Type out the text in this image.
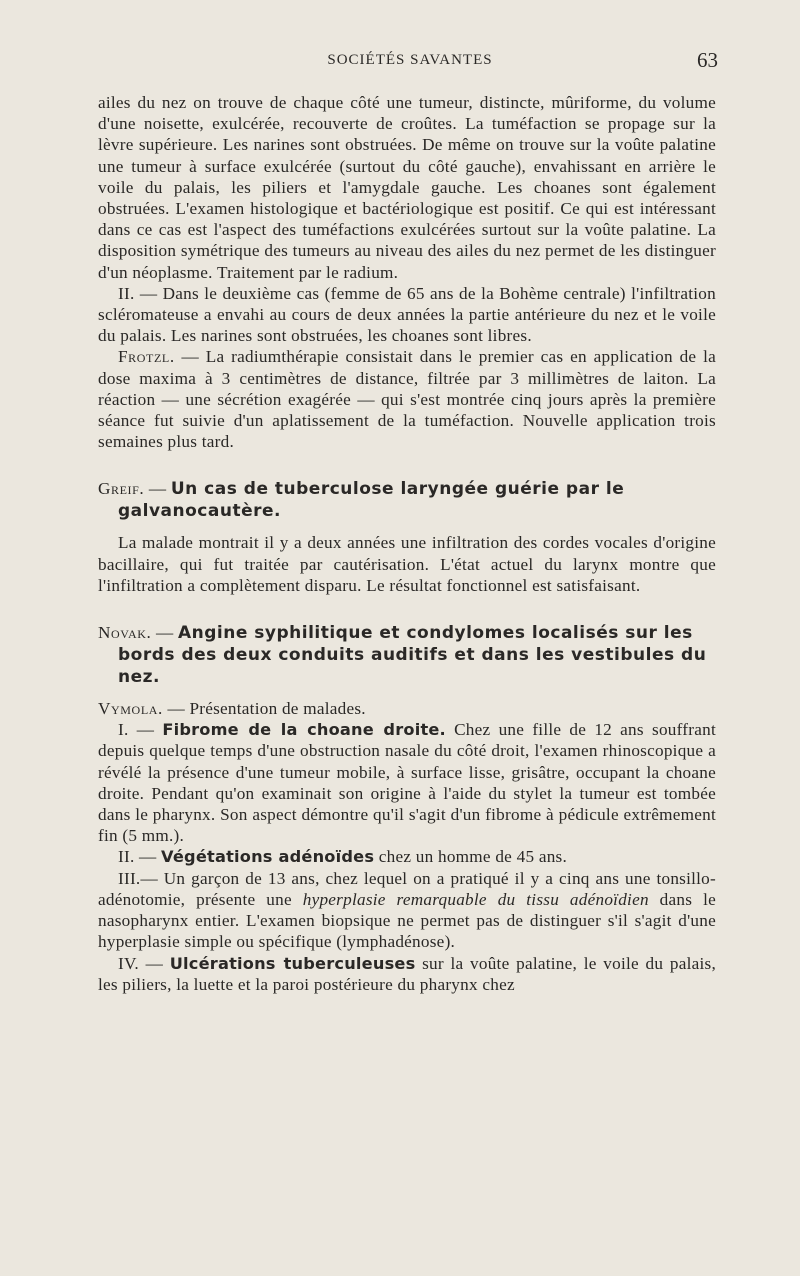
SOCIÉTÉS SAVANTES	63

ailes du nez on trouve de chaque côté une tumeur, distincte, mûriforme, du volume d'une noisette, exulcérée, recouverte de croûtes. La tuméfaction se propage sur la lèvre supérieure. Les narines sont obstruées. De même on trouve sur la voûte palatine une tumeur à surface exulcérée (surtout du côté gauche), envahissant en arrière le voile du palais, les piliers et l'amygdale gauche. Les choanes sont également obstruées. L'examen histologique et bactériologique est positif. Ce qui est intéressant dans ce cas est l'aspect des tuméfactions exulcérées surtout sur la voûte palatine. La disposition symétrique des tumeurs au niveau des ailes du nez permet de les distinguer d'un néoplasme. Traitement par le radium.

II. — Dans le deuxième cas (femme de 65 ans de la Bohème centrale) l'infiltration scléromateuse a envahi au cours de deux années la partie antérieure du nez et le voile du palais. Les narines sont obstruées, les choanes sont libres.

Frotzl. — La radiumthérapie consistait dans le premier cas en application de la dose maxima à 3 centimètres de distance, filtrée par 3 millimètres de laiton. La réaction — une sécrétion exagérée — qui s'est montrée cinq jours après la première séance fut suivie d'un aplatissement de la tuméfaction. Nouvelle application trois semaines plus tard.

Greif. — Un cas de tuberculose laryngée guérie par le galvanocautère.

La malade montrait il y a deux années une infiltration des cordes vocales d'origine bacillaire, qui fut traitée par cautérisation. L'état actuel du larynx montre que l'infiltration a complètement disparu. Le résultat fonctionnel est satisfaisant.

Novak. — Angine syphilitique et condylomes localisés sur les bords des deux conduits auditifs et dans les vestibules du nez.

Vymola. — Présentation de malades.

I. — Fibrome de la choane droite. Chez une fille de 12 ans souffrant depuis quelque temps d'une obstruction nasale du côté droit, l'examen rhinoscopique a révélé la présence d'une tumeur mobile, à surface lisse, grisâtre, occupant la choane droite. Pendant qu'on examinait son origine à l'aide du stylet la tumeur est tombée dans le pharynx. Son aspect démontre qu'il s'agit d'un fibrome à pédicule extrêmement fin (5 mm.).

II. — Végétations adénoïdes chez un homme de 45 ans.

III.— Un garçon de 13 ans, chez lequel on a pratiqué il y a cinq ans une tonsillo-adénotomie, présente une hyperplasie remarquable du tissu adénoïdien dans le nasopharynx entier. L'examen biopsique ne permet pas de distinguer s'il s'agit d'une hyperplasie simple ou spécifique (lymphadénose).

IV. — Ulcérations tuberculeuses sur la voûte palatine, le voile du palais, les piliers, la luette et la paroi postérieure du pharynx chez
